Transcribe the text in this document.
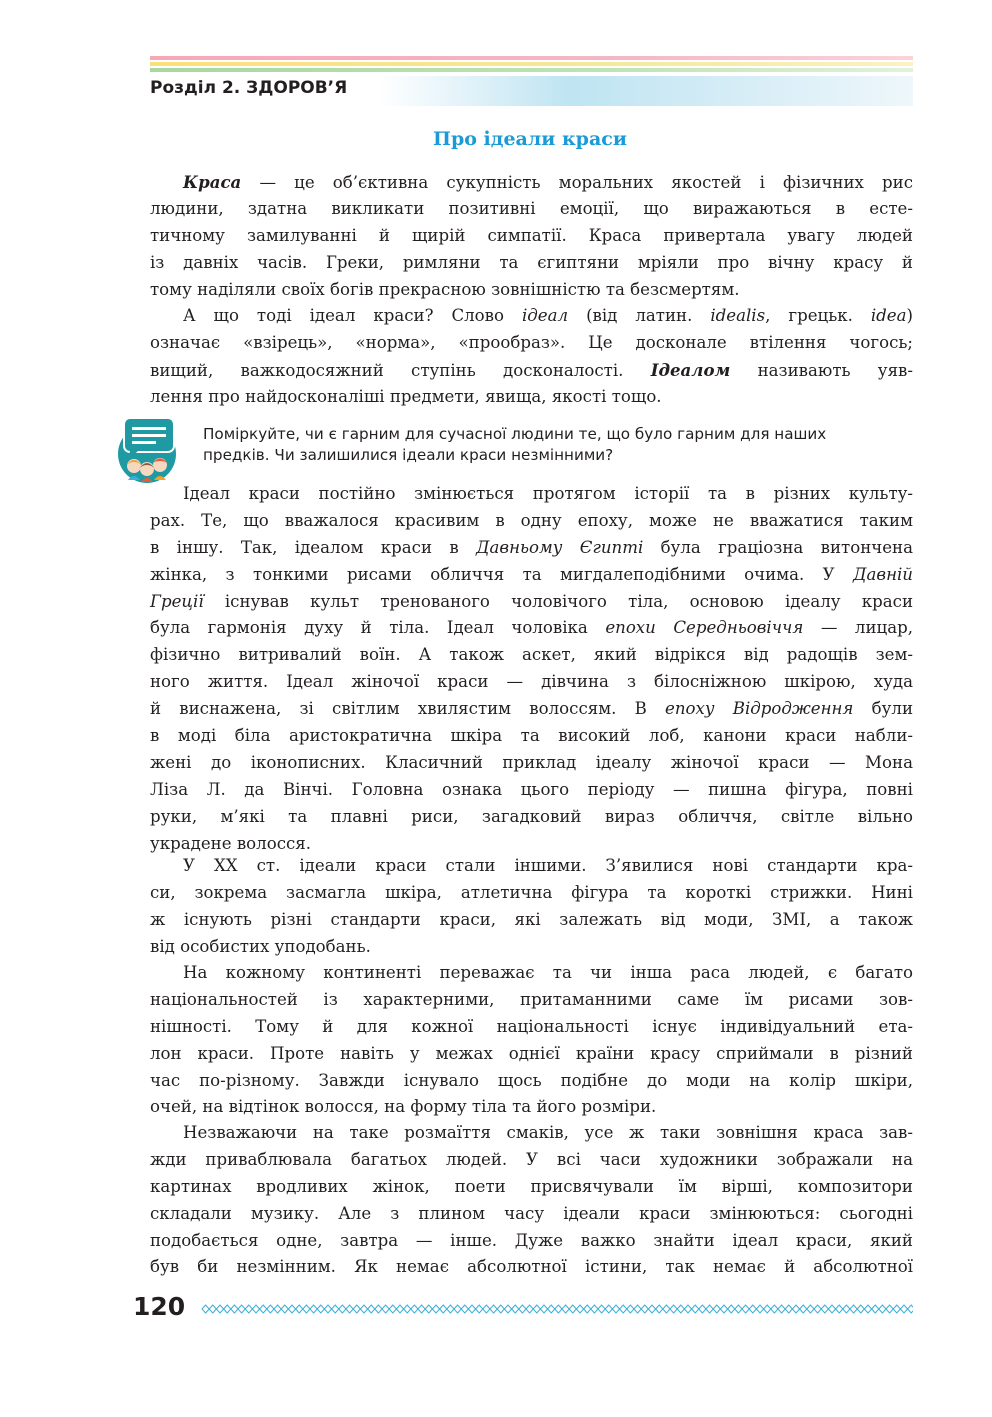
Розділ 2. ЗДОРОВ’Я
Про ідеали краси
Краса — це об’єктивна сукупність моральних якостей і фізичних рис
людини, здатна викликати позитивні емоції, що виражаються в есте-
тичному замилуванні й щирій симпатії. Краса привертала увагу людей
із давніх часів. Греки, римляни та єгиптяни мріяли про вічну красу й
тому наділяли своїх богів прекрасною зовнішністю та безсмертям.
А що тоді ідеал краси? Слово ідеал (від латин. idealis, грецьк. idea)
означає «взірець», «норма», «прообраз». Це досконале втілення чогось;
вищий, важкодосяжний ступінь досконалості. Ідеалом називають уяв-
лення про найдосконаліші предмети, явища, якості тощо.
Поміркуйте, чи є гарним для сучасної людини те, що було гарним для наших
предків. Чи залишилися ідеали краси незмінними?
Ідеал краси постійно змінюється протягом історії та в різних культу-
рах. Те, що вважалося красивим в одну епоху, може не вважатися таким
в іншу. Так, ідеалом краси в Давньому Єгипті була граціозна витончена
жінка, з тонкими рисами обличчя та мигдалеподібними очима. У Давній
Греції існував культ тренованого чоловічого тіла, основою ідеалу краси
була гармонія духу й тіла. Ідеал чоловіка епохи Середньовіччя — лицар,
фізично витривалий воїн. А також аскет, який відрікся від радощів зем-
ного життя. Ідеал жіночої краси — дівчина з білосніжною шкірою, худа
й виснажена, зі світлим хвилястим волоссям. В епоху Відродження були
в моді біла аристократична шкіра та високий лоб, канони краси набли-
жені до іконописних. Класичний приклад ідеалу жіночої краси — Мона
Ліза Л. да Вінчі. Головна ознака цього періоду — пишна фігура, повні
руки, м’які та плавні риси, загадковий вираз обличчя, світле вільно
укрaдене волосся.
У ХХ ст. ідеали краси стали іншими. З’явилися нові стандарти кра-
си, зокрема засмагла шкіра, атлетична фігура та короткі стрижки. Нині
ж існують різні стандарти краси, які залежать від моди, ЗМІ, а також
від особистих уподобань.
На кожному континенті переважає та чи інша раса людей, є багато
національностей із характерними, притаманними саме їм рисами зов-
нішності. Тому й для кожної національності існує індивідуальний ета-
лон краси. Проте навіть у межах однієї країни красу сприймали в різний
час по-різному. Завжди існувало щось подібне до моди на колір шкіри,
очей, на відтінок волосся, на форму тіла та його розміри.
Незважаючи на таке розмаїття смаків, усе ж таки зовнішня краса зав-
жди приваблювала багатьох людей. У всі часи художники зображали на
картинах вродливих жінок, поети присвячували їм вірші, композитори
складали музику. Але з плином часу ідеали краси змінюються: сьогодні
подобається одне, завтра — інше. Дуже важко знайти ідеал краси, який
був би незмінним. Як немає абсолютної істини, так немає й абсолютної
120
